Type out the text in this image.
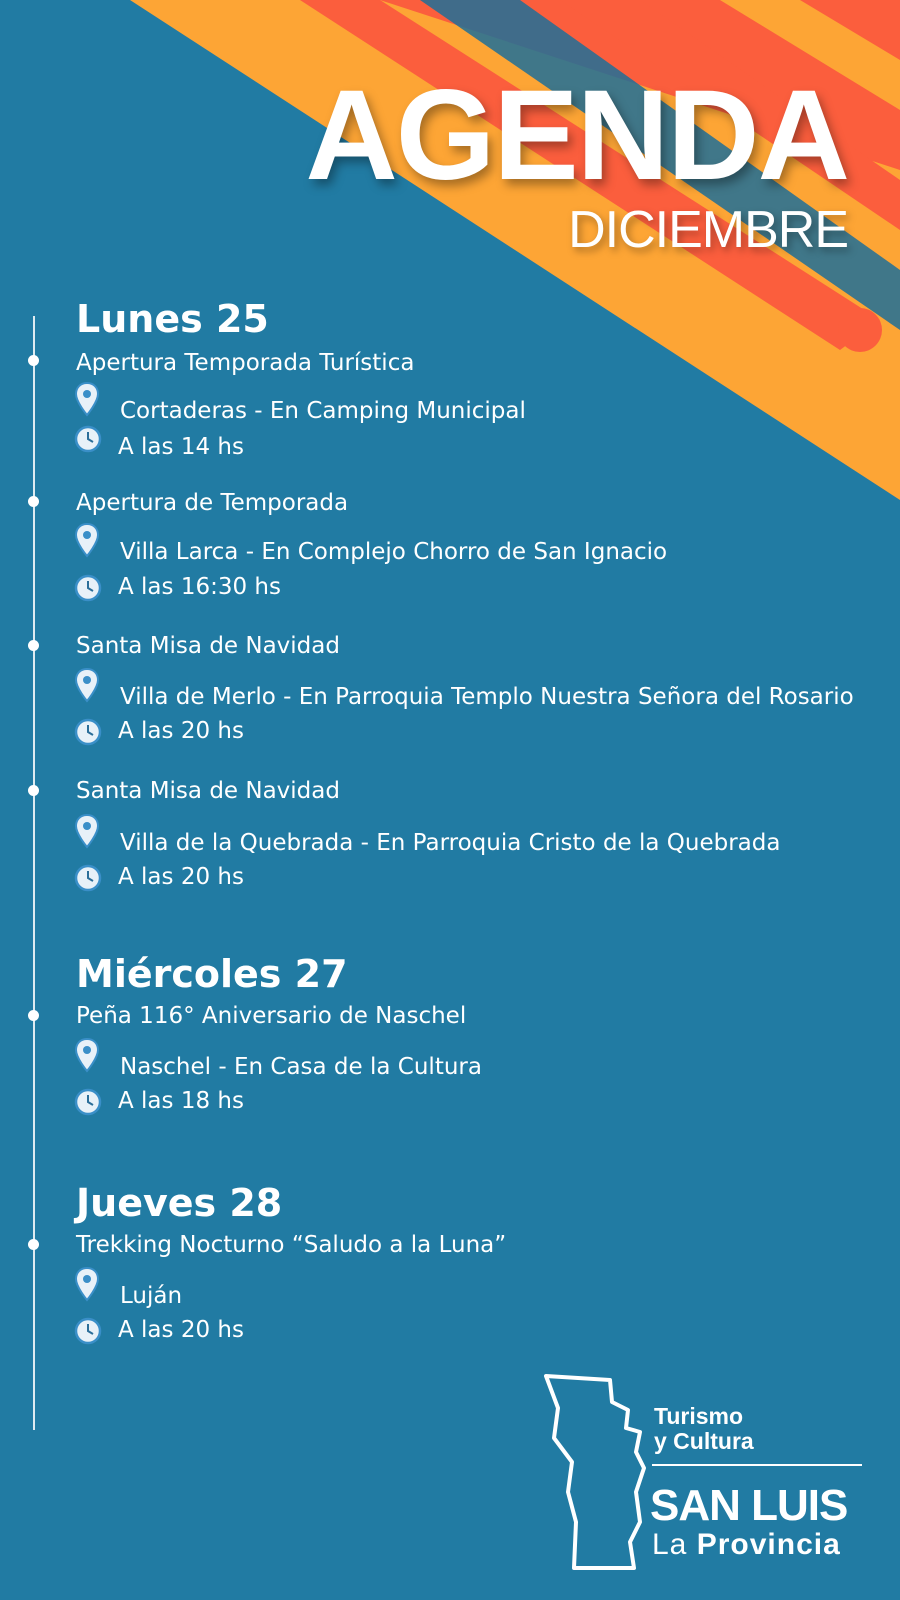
AGENDA
DICIEMBRE
Lunes 25
Apertura Temporada Turística
Cortaderas - En Camping Municipal
A las 14 hs
Apertura de Temporada
Villa Larca - En Complejo Chorro de San Ignacio
A las 16:30 hs
Santa Misa de Navidad
Villa de Merlo - En Parroquia Templo Nuestra Señora del Rosario
A las 20 hs
Santa Misa de Navidad
Villa de la Quebrada - En Parroquia Cristo de la Quebrada
A las 20 hs
Miércoles 27
Peña 116° Aniversario de Naschel
Naschel - En Casa de la Cultura
A las 18 hs
Jueves 28
Trekking Nocturno “Saludo a la Luna”
Luján
A las 20 hs
Turismo
y Cultura
SAN LUIS
La Provincia
